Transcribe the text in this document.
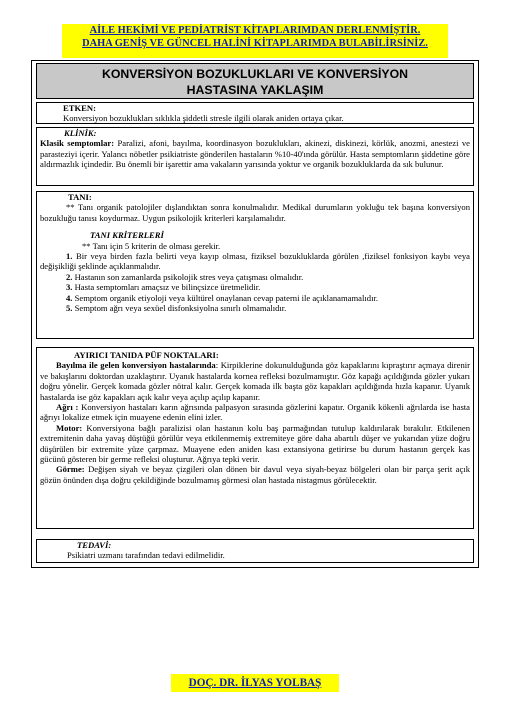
AİLE HEKİMİ VE PEDİATRİST KİTAPLARIMDAN DERLENMİŞTİR.
DAHA GENİŞ VE GÜNCEL HALİNİ KİTAPLARIMDA BULABİLİRSİNİZ.
KONVERSİYON BOZUKLUKLARI VE KONVERSİYON
HASTASINA YAKLAŞIM

ETKEN:

Konversiyon bozuklukları sıklıkla şiddetli stresle ilgili olarak aniden ortaya çıkar.

KLİNİK:

Klasik semptomlar: Paralizi, afoni, bayılma, koordinasyon bozuklukları, akinezi, diskinezi, körlük, anozmi, anestezi ve parasteziyi içerir. Yalancı nöbetler psikiatriste gönderilen hastaların %10-40'ında görülür. Hasta semptomların şiddetine göre aldırmazlık içindedir. Bu önemli bir işarettir ama vakaların yarısında yoktur ve organik bozukluklarda da sık bulunur.

TANI:

** Tanı organik patolojiler dışlandıktan sonra konulmalıdır. Medikal durumların yokluğu tek başına konversiyon bozukluğu tanısı koydurmaz. Uygun psikolojik kriterleri karşılamalıdır.

TANI KRİTERLERİ

** Tanı için 5 kriterin de olması gerekir.

1. Bir veya birden fazla belirti veya kayıp olması, fiziksel bozukluklarda görülen ,fiziksel fonksiyon kaybı veya değişikliği şeklinde açıklanmalıdır.

2. Hastanın son zamanlarda psikolojik stres veya çatışması olmalıdır.

3. Hasta semptomları amaçsız ve bilinçsizce üretmelidir.

4. Semptom organik etiyoloji veya kültürel onaylanan cevap paterni ile açıklanamamalıdır.

5. Semptom ağrı veya sexüel disfonksiyolna sınırlı olmamalıdır.

AYIRICI TANIDA PÜF NOKTALARI:

Bayılma ile gelen konversiyon hastalarında: Kirpiklerine dokunulduğunda göz kapaklarını kıpraştırır açmaya direnir ve bakışlarını doktordan uzaklaştırır. Uyanık hastalarda kornea refleksi bozulmamıştır. Göz kapağı açıldığında gözler yukarı doğru yönelir. Gerçek komada gözler nötral kalır. Gerçek komada ilk başta göz kapakları açıldığında hızla kapanır. Uyanık hastalarda ise göz kapakları açık kalır veya açılıp açılıp kapanır.

Ağrı : Konversiyon hastaları karın ağrısında palpasyon sırasında gözlerini kapatır. Organik kökenli ağrılarda ise hasta ağrıyı lokalize etmek için muayene edenin elini izler.

Motor: Konversiyona bağlı paralizisi olan hastanın kolu baş parmağından tutulup kaldırılarak bırakılır. Etkilenen extremitenin daha yavaş düştüğü görülür veya etkilenmemiş extremiteye göre daha abartılı düşer ve yukarıdan yüze doğru düşürülen bir extremite yüze çarpmaz. Muayene eden aniden kası extansiyona getirirse bu durum hastanın gerçek kas gücünü gösteren bir germe refleksi oluşturur. Ağrıya tepki verir.

Görme: Değişen siyah ve beyaz çizgileri olan dönen bir davul veya siyah-beyaz bölgeleri olan bir parça şerit açık gözün önünden dışa doğru çekildiğinde bozulmamış görmesi olan hastada nistagmus görülecektir.

TEDAVİ:

Psikiatri uzmanı tarafından tedavi edilmelidir.

DOÇ. DR. İLYAS YOLBAŞ
